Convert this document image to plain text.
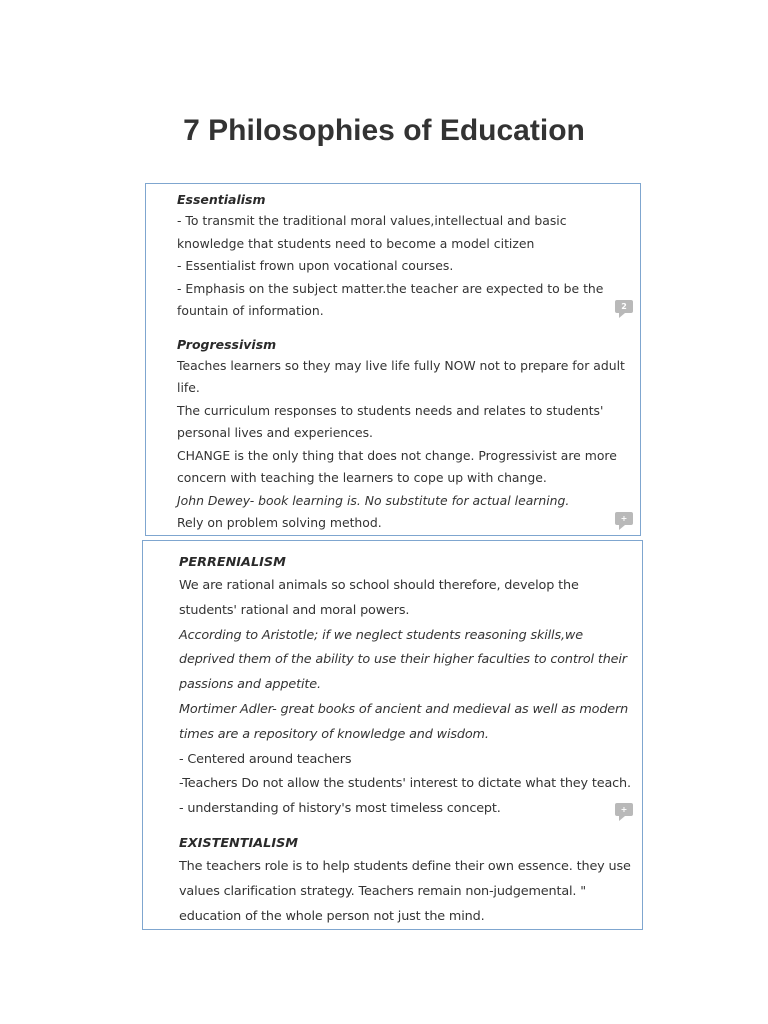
7 Philosophies of Education

Essentialism

- To transmit the traditional moral values,intellectual and basic

knowledge that students need to become a model citizen

- Essentialist frown upon vocational courses.

- Emphasis on the subject matter.the teacher are expected to be the

fountain of information.

Progressivism

Teaches learners so they may live life fully NOW not to prepare for adult

life.

The curriculum responses to students needs and relates to students'

personal lives and experiences.

CHANGE is the only thing that does not change. Progressivist are more

concern with teaching the learners to cope up with change.

John Dewey- book learning is. No substitute for actual learning.

Rely on problem solving method.

2
+

PERRENIALISM

We are rational animals so school should therefore, develop the

students' rational and moral powers.

According to Aristotle; if we neglect students reasoning skills,we

deprived them of the ability to use their higher faculties to control their

passions and appetite.

Mortimer Adler- great books of ancient and medieval as well as modern

times are a repository of knowledge and wisdom.

- Centered around teachers

-Teachers Do not allow the students' interest to dictate what they teach.

- understanding of history's most timeless concept.

EXISTENTIALISM

The teachers role is to help students define their own essence. they use

values clarification strategy. Teachers remain non-judgemental. "

education of the whole person not just the mind.

+
